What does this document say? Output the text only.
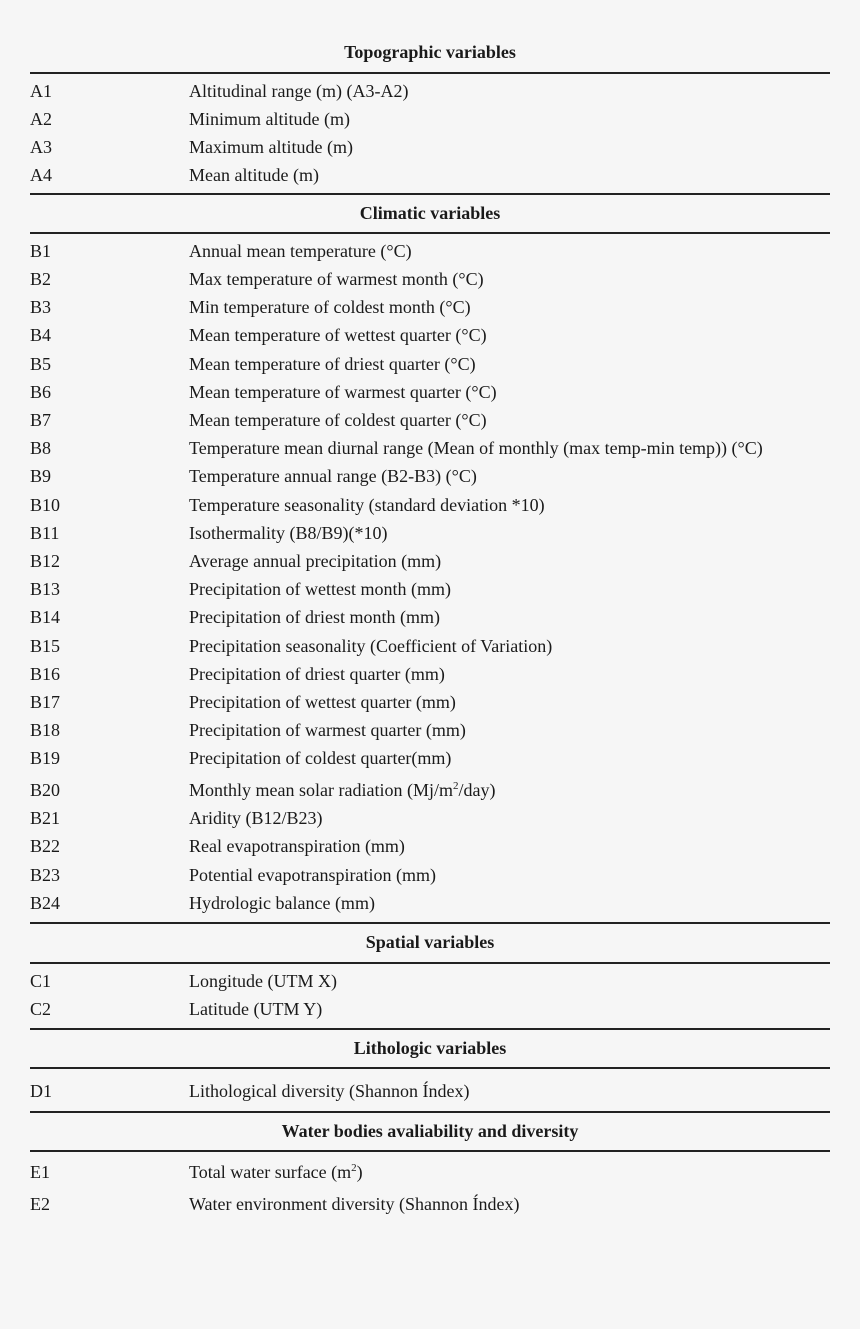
Topographic variables
A1	Altitudinal range (m) (A3-A2)
A2	Minimum altitude (m)
A3	Maximum altitude (m)
A4	Mean altitude (m)
Climatic variables
B1	Annual mean temperature (°C)
B2	Max temperature of warmest month (°C)
B3	Min temperature of coldest month (°C)
B4	Mean temperature of wettest quarter (°C)
B5	Mean temperature of driest quarter (°C)
B6	Mean temperature of warmest quarter (°C)
B7	Mean temperature of coldest quarter (°C)
B8	Temperature mean diurnal range (Mean of monthly (max temp-min temp)) (°C)
B9	Temperature annual range (B2-B3) (°C)
B10	Temperature seasonality (standard deviation *10)
B11	Isothermality (B8/B9)(*10)
B12	Average annual precipitation (mm)
B13	Precipitation of wettest month (mm)
B14	Precipitation of driest month (mm)
B15	Precipitation seasonality (Coefficient of Variation)
B16	Precipitation of driest quarter (mm)
B17	Precipitation of wettest quarter (mm)
B18	Precipitation of warmest quarter (mm)
B19	Precipitation of coldest quarter(mm)
B20	Monthly mean solar radiation $(Mj/m^2/day)$
B21	Aridity (B12/B23)
B22	Real evapotranspiration (mm)
B23	Potential evapotranspiration (mm)
B24	Hydrologic balance (mm)
Spatial variables
C1	Longitude (UTM X)
C2	Latitude (UTM Y)
Lithologic variables
D1	Lithological diversity (Shannon Índex)
Water bodies avaliability and diversity
E1	Total water surface $(m^2)$
E2	Water environment diversity (Shannon Índex)
